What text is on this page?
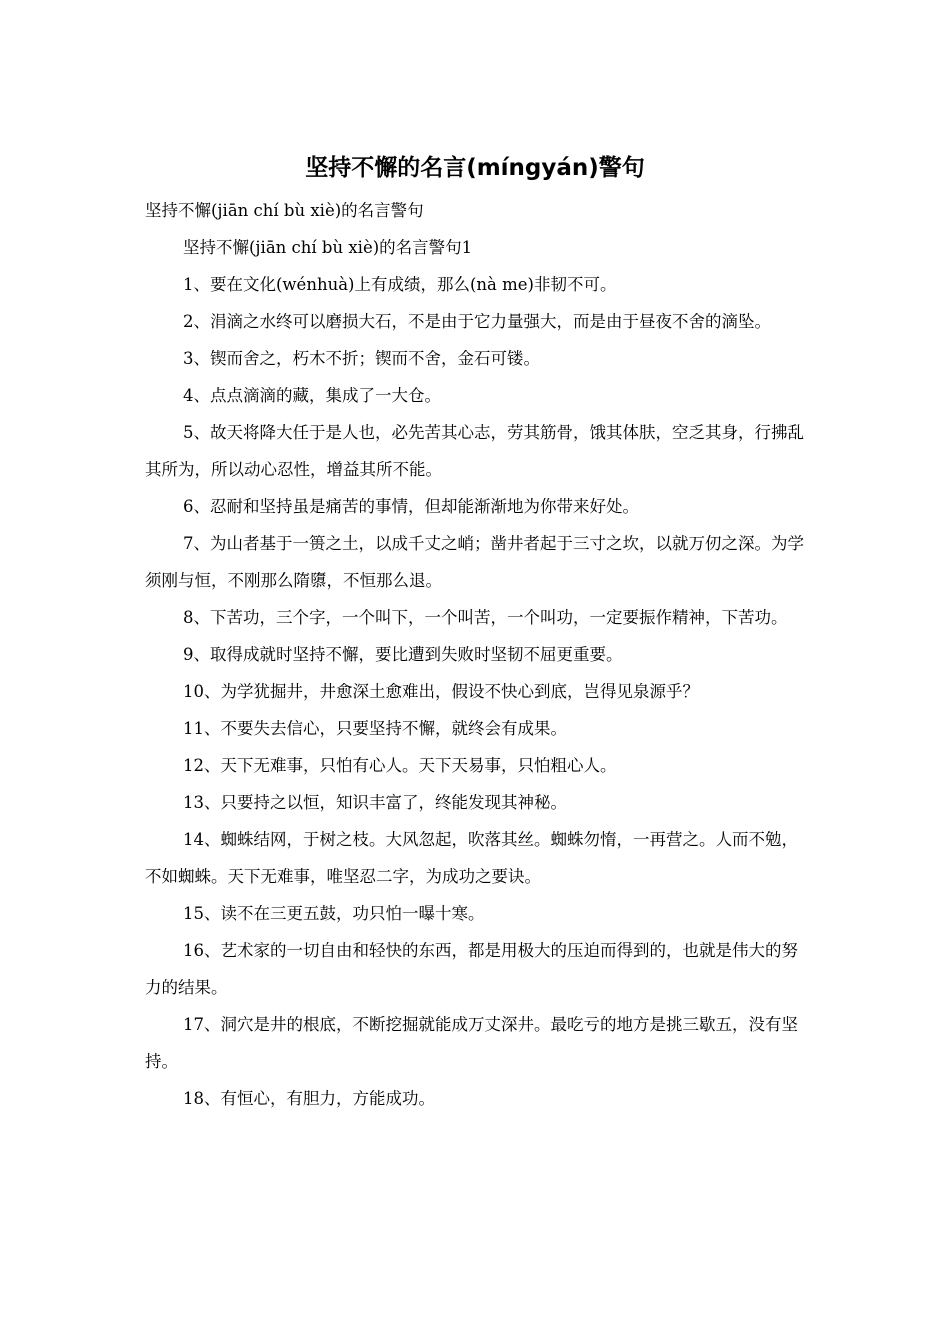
坚持不懈的名言(míngyán)警句

坚持不懈(jiān chí bù xiè)的名言警句

坚持不懈(jiān chí bù xiè)的名言警句1

1、要在文化(wénhuà)上有成绩，那么(nà me)非韧不可。

2、涓滴之水终可以磨损大石，不是由于它力量强大，而是由于昼夜不舍的滴坠。

3、锲而舍之，朽木不折；锲而不舍，金石可镂。

4、点点滴滴的藏，集成了一大仓。

5、故天将降大任于是人也，必先苦其心志，劳其筋骨，饿其体肤，空乏其身，行拂乱其所为，所以动心忍性，增益其所不能。

6、忍耐和坚持虽是痛苦的事情，但却能渐渐地为你带来好处。

7、为山者基于一篑之土，以成千丈之峭；凿井者起于三寸之坎，以就万仞之深。为学须刚与恒，不刚那么隋隳，不恒那么退。

8、下苦功，三个字，一个叫下，一个叫苦，一个叫功，一定要振作精神，下苦功。

9、取得成就时坚持不懈，要比遭到失败时坚韧不屈更重要。

10、为学犹掘井，井愈深土愈难出，假设不快心到底，岂得见泉源乎？

11、不要失去信心，只要坚持不懈，就终会有成果。

12、天下无难事，只怕有心人。天下天易事，只怕粗心人。

13、只要持之以恒，知识丰富了，终能发现其神秘。

14、蜘蛛结网，于树之枝。大风忽起，吹落其丝。蜘蛛勿惰，一再营之。人而不勉，不如蜘蛛。天下无难事，唯坚忍二字，为成功之要诀。

15、读不在三更五鼓，功只怕一曝十寒。

16、艺术家的一切自由和轻快的东西，都是用极大的压迫而得到的，也就是伟大的努力的结果。

17、洞穴是井的根底，不断挖掘就能成万丈深井。最吃亏的地方是挑三歇五，没有坚持。

18、有恒心，有胆力，方能成功。
